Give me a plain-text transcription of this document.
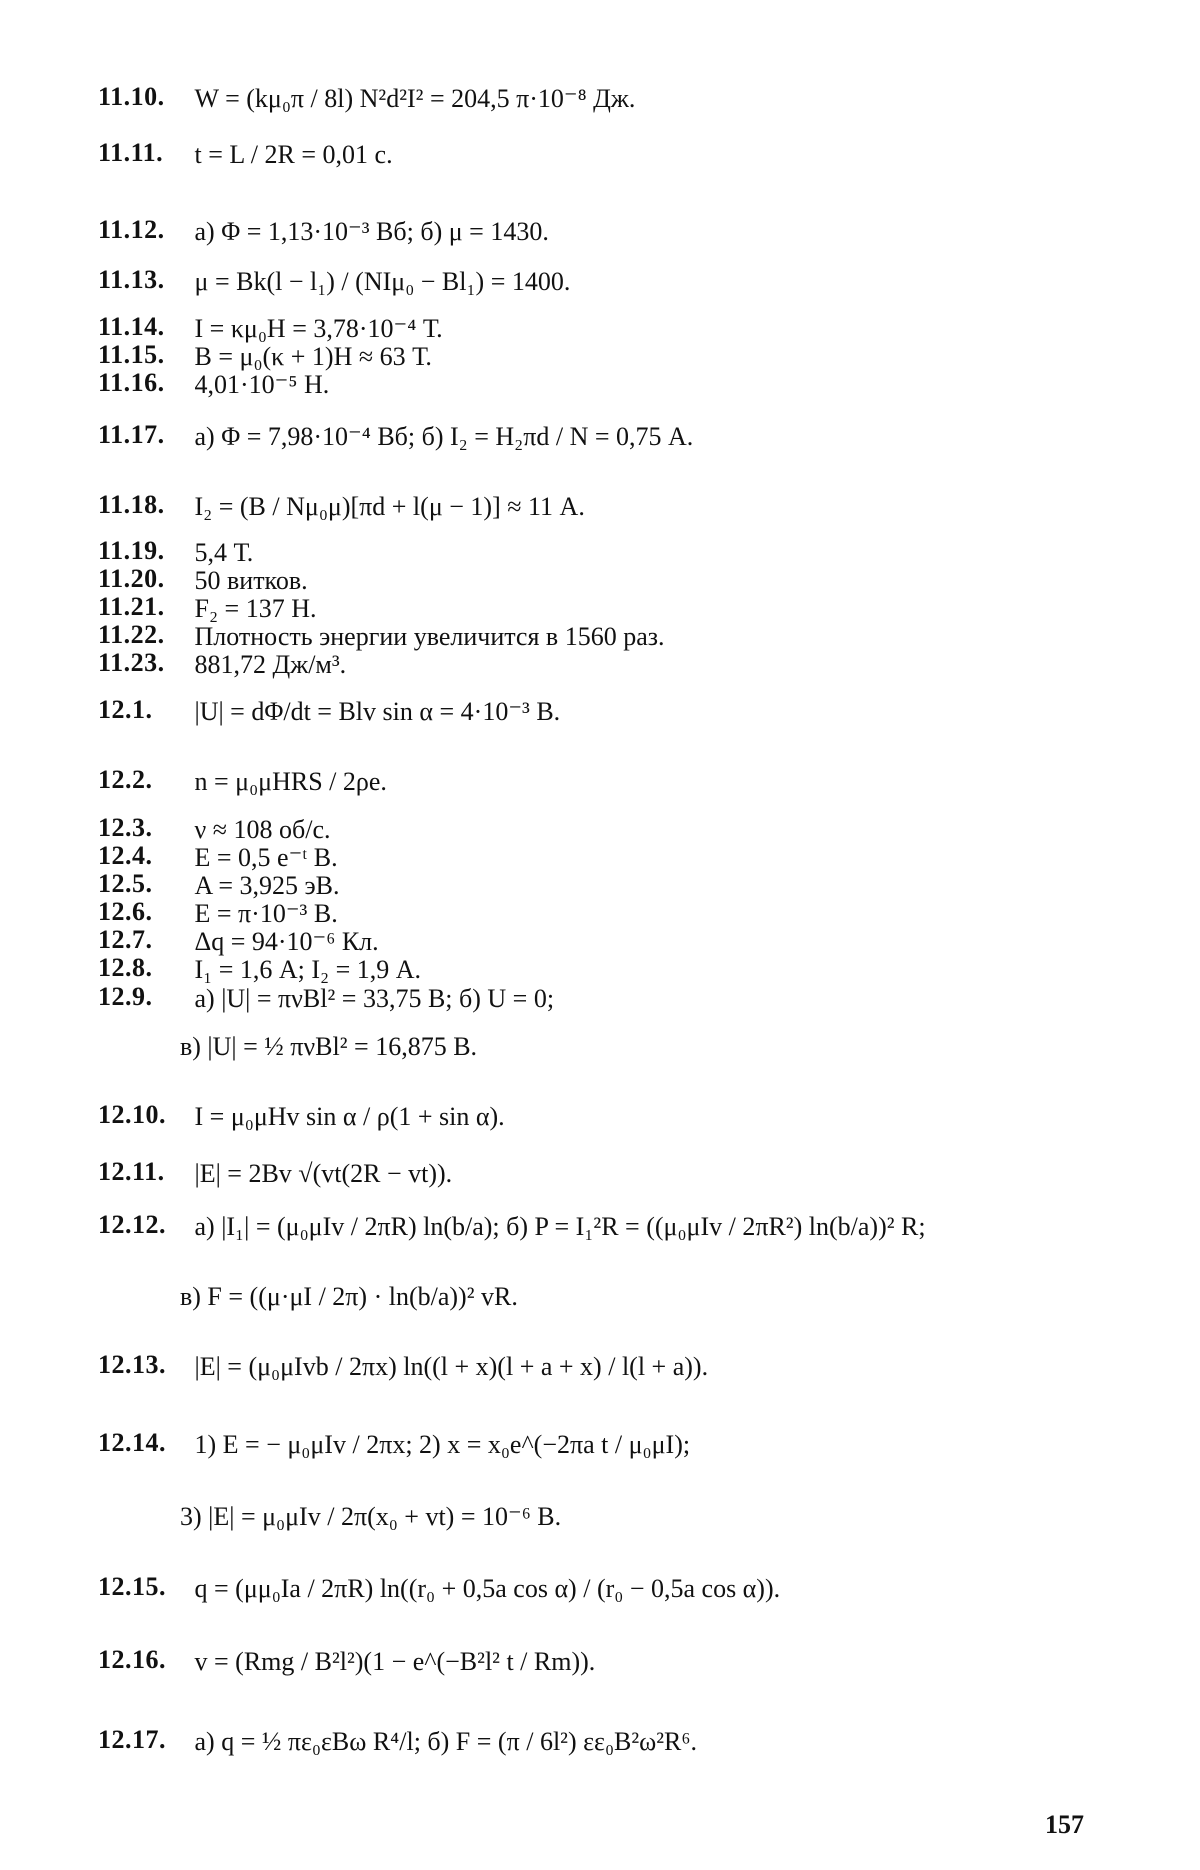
11.10. W = (kμ₀π / 8l) N²d²I² = 204,5 π·10⁻⁸ Дж.
11.11. t = L / 2R = 0,01 с.
11.12. а) Φ = 1,13·10⁻³ Вб; б) μ = 1430.
11.13. μ = Bk(l − l₁) / (NIμ₀ − Bl₁) = 1400.
11.14. I = κμ₀H = 3,78·10⁻⁴ Т.
11.15. B = μ₀(κ + 1)H ≈ 63 Т.
11.16. 4,01·10⁻⁵ Н.
11.17. а) Φ = 7,98·10⁻⁴ Вб; б) I₂ = H₂πd / N = 0,75 А.
11.18. I₂ = (B / Nμ₀μ)[πd + l(μ − 1)] ≈ 11 А.
11.19. 5,4 Т.
11.20. 50 витков.
11.21. F₂ = 137 Н.
11.22. Плотность энергии увеличится в 1560 раз.
11.23. 881,72 Дж/м³.
12.1. |U| = dΦ/dt = Blv sin α = 4·10⁻³ В.
12.2. n = μ₀μHRS / 2ρe.
12.3. ν ≈ 108 об/с.
12.4. E = 0,5 e⁻ᵗ В.
12.5. A = 3,925 эВ.
12.6. E = π·10⁻³ В.
12.7. Δq = 94·10⁻⁶ Кл.
12.8. I₁ = 1,6 А; I₂ = 1,9 А.
12.9. а) |U| = πνBl² = 33,75 В; б) U = 0;
в) |U| = ½ πνBl² = 16,875 В.
12.10. I = μ₀μHv sin α / ρ(1 + sin α).
12.11. |E| = 2Bv √(vt(2R − vt)).
12.12. а) |I₁| = (μ₀μIv / 2πR) ln(b/a); б) P = I₁²R = ((μ₀μIv / 2πR²) ln(b/a))² R;
в) F = ((μ·μI / 2π) · ln(b/a))² vR.
12.13. |E| = (μ₀μIvb / 2πx) ln((l + x)(l + a + x) / l(l + a)).
12.14. 1) E = − μ₀μIv / 2πx; 2) x = x₀e^(−2πa t / μ₀μI);
3) |E| = μ₀μIv / 2π(x₀ + vt) = 10⁻⁶ В.
12.15. q = (μμ₀Ia / 2πR) ln((r₀ + 0,5a cos α) / (r₀ − 0,5a cos α)).
12.16. v = (Rmg / B²l²)(1 − e^(−B²l² t / Rm)).
12.17. а) q = ½ πε₀εBω R⁴/l; б) F = (π / 6l²) εε₀B²ω²R⁶.
157
